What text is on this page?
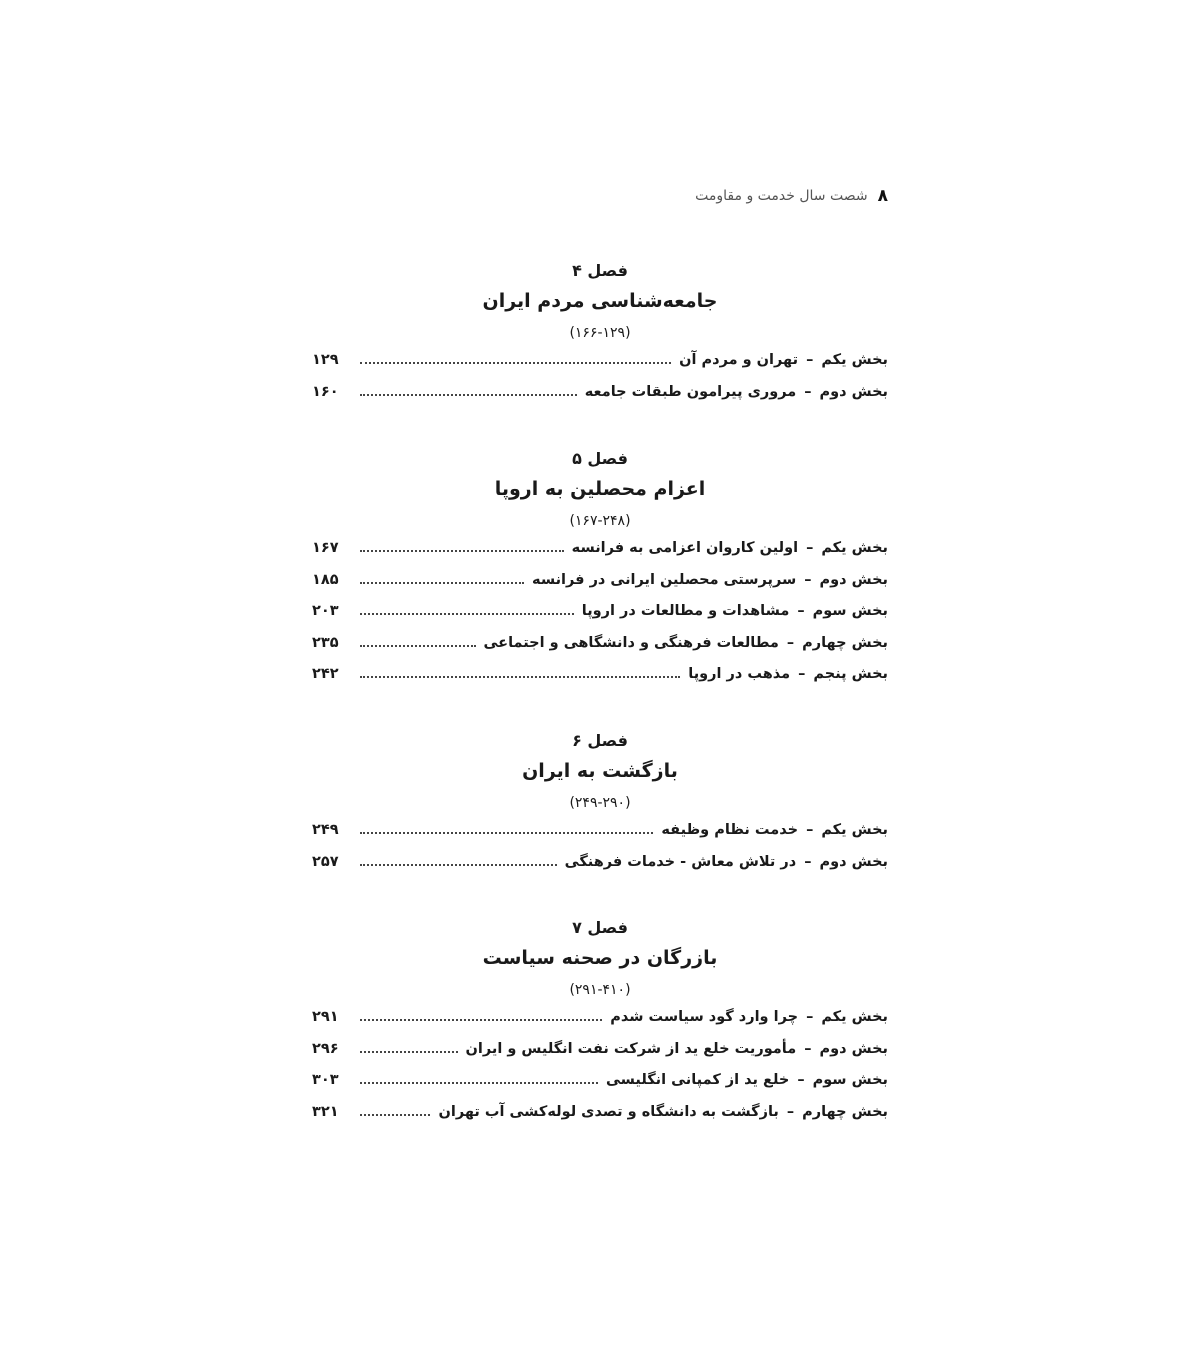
۸
شصت سال خدمت و مقاومت
فصل ۴
جامعه‌شناسی مردم ایران
(۱۶۶-۱۲۹)
بخش یکم
–
تهران و مردم آن
۱۲۹
بخش دوم
–
مروری پیرامون طبقات جامعه
۱۶۰
فصل ۵
اعزام محصلین به اروپا
(۱۶۷-۲۴۸)
بخش یکم
–
اولین کاروان اعزامی به فرانسه
۱۶۷
بخش دوم
–
سرپرستی محصلین ایرانی در فرانسه
۱۸۵
بخش سوم
–
مشاهدات و مطالعات در اروپا
۲۰۳
بخش چهارم
–
مطالعات فرهنگی و دانشگاهی و اجتماعی
۲۳۵
بخش پنجم
–
مذهب در اروپا
۲۴۲
فصل ۶
بازگشت به ایران
(۲۴۹-۲۹۰)
بخش یکم
–
خدمت نظام وظیفه
۲۴۹
بخش دوم
–
در تلاش معاش - خدمات فرهنگی
۲۵۷
فصل ۷
بازرگان در صحنه سیاست
(۲۹۱-۴۱۰)
بخش یکم
–
چرا وارد گود سیاست شدم
۲۹۱
بخش دوم
–
مأموریت خلع ید از شرکت نفت انگلیس و ایران
۲۹۶
بخش سوم
–
خلع ید از کمپانی انگلیسی
۳۰۳
بخش چهارم
–
بازگشت به دانشگاه و تصدی لوله‌کشی آب تهران
۳۲۱
